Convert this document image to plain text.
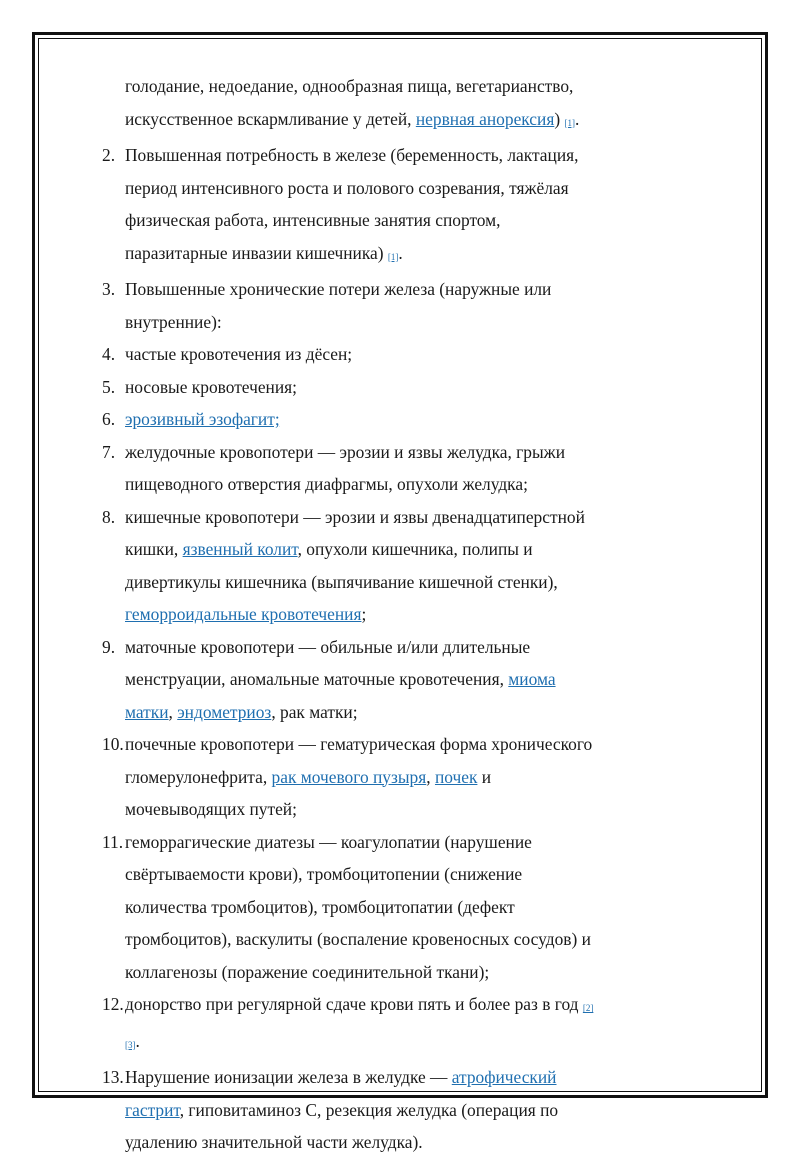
голодание, недоедание, однообразная пища, вегетарианство, искусственное вскармливание у детей, нервная анорексия) [1].
2. Повышенная потребность в железе (беременность, лактация, период интенсивного роста и полового созревания, тяжёлая физическая работа, интенсивные занятия спортом, паразитарные инвазии кишечника) [1].
3. Повышенные хронические потери железа (наружные или внутренние):
4. частые кровотечения из дёсен;
5. носовые кровотечения;
6. эрозивный эзофагит;
7. желудочные кровопотери — эрозии и язвы желудка, грыжи пищеводного отверстия диафрагмы, опухоли желудка;
8. кишечные кровопотери — эрозии и язвы двенадцатиперстной кишки, язвенный колит, опухоли кишечника, полипы и дивертикулы кишечника (выпячивание кишечной стенки), геморроидальные кровотечения;
9. маточные кровопотери — обильные и/или длительные менструации, аномальные маточные кровотечения, миома матки, эндометриоз, рак матки;
10. почечные кровопотери — гематурическая форма хронического гломерулонефрита, рак мочевого пузыря, почек и мочевыводящих путей;
11. геморрагические диатезы — коагулопатии (нарушение свёртываемости крови), тромбоцитопении (снижение количества тромбоцитов), тромбоцитопатии (дефект тромбоцитов), васкулиты (воспаление кровеносных сосудов) и коллагенозы (поражение соединительной ткани);
12. донорство при регулярной сдаче крови пять и более раз в год [2][3].
13. Нарушение ионизации железа в желудке — атрофический гастрит, гиповитаминоз С, резекция желудка (операция по удалению значительной части желудка).
